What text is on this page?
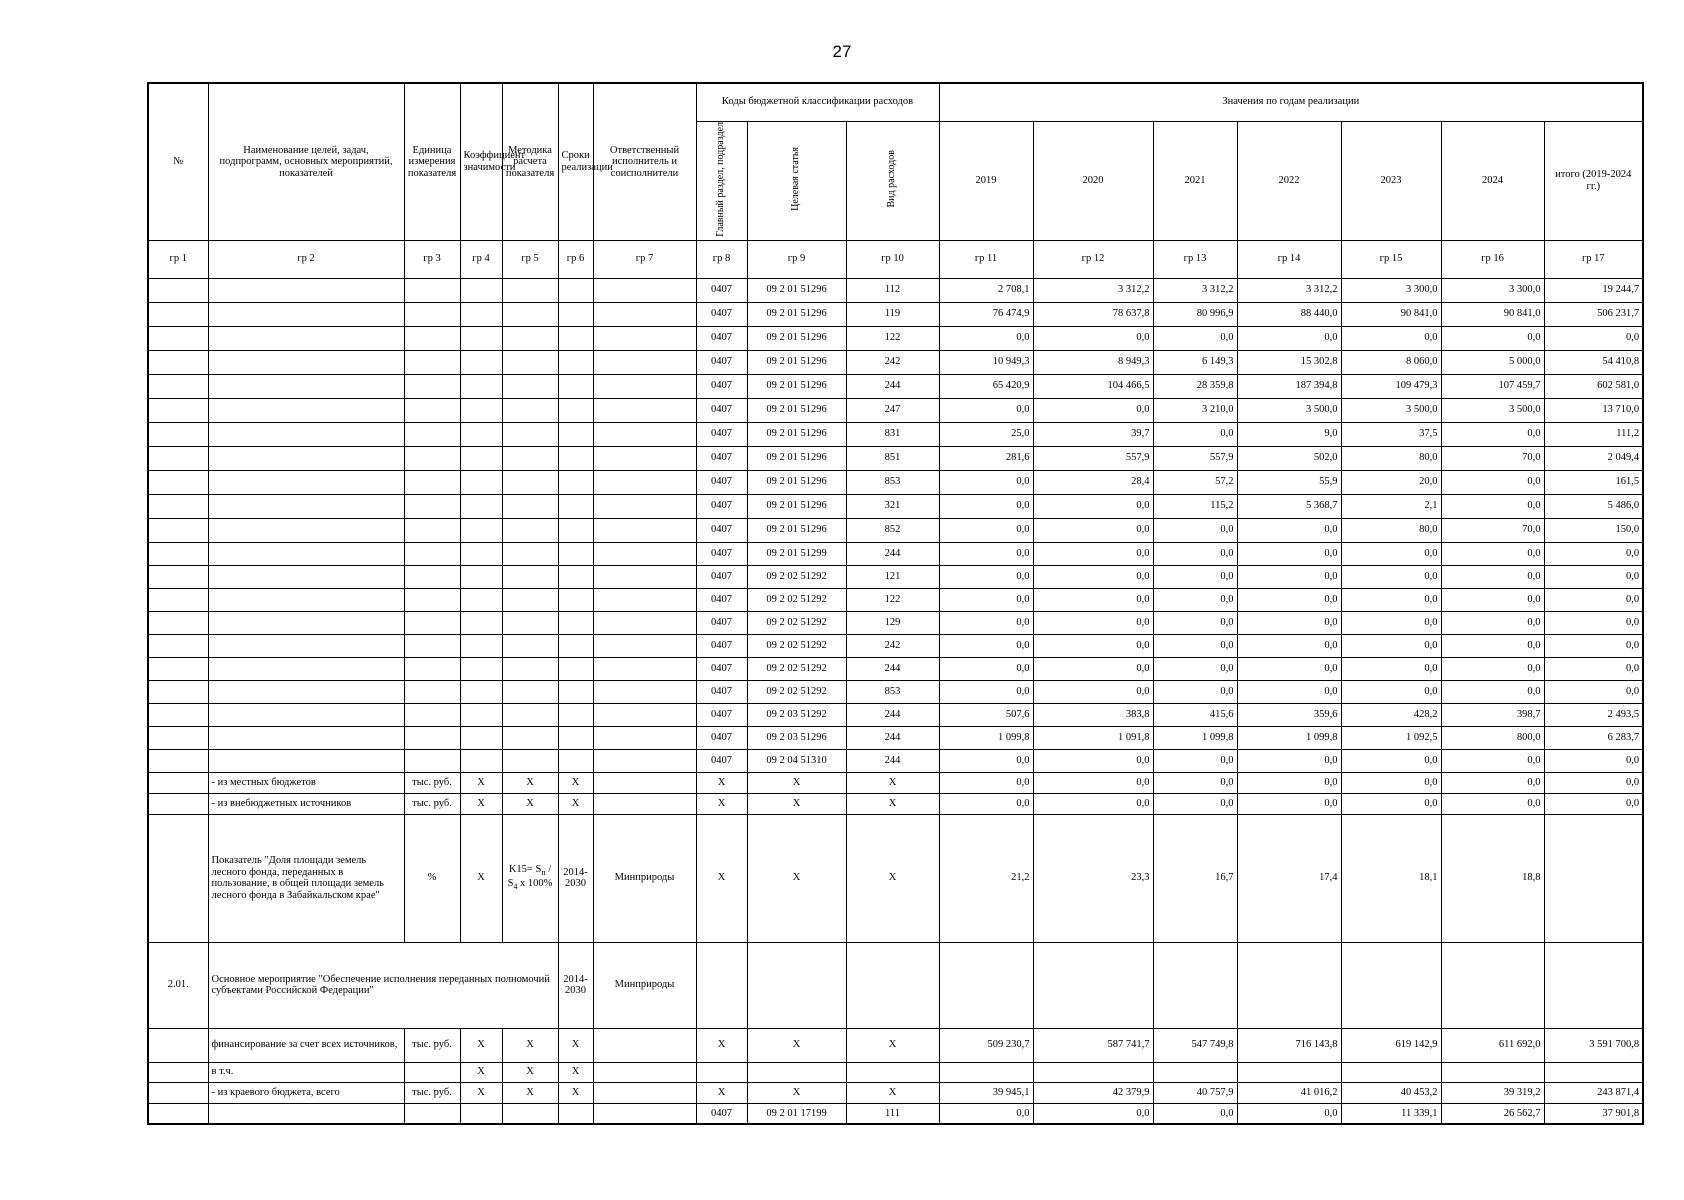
27
№	Наименование целей, задач, подпрограмм, основных мероприятий, показателей	Единица измерения показателя	Коэффициент значимости	Методика расчета показателя	Сроки реализации	Ответственный исполнитель и соисполнители	Коды бюджетной классификации расходов			Значения по годам реализации						
							Главный раздел, подраздел	Целевая статья	Вид расходов	2019	2020	2021	2022	2023	2024	итого (2019-2024 гг.)
гр 1	гр 2	гр 3	гр 4	гр 5	гр 6	гр 7	гр 8	гр 9	гр 10	гр 11	гр 12	гр 13	гр 14	гр 15	гр 16	гр 17
							0407	09 2 01 51296	112	2 708,1	3 312,2	3 312,2	3 312,2	3 300,0	3 300,0	19 244,7
							0407	09 2 01 51296	119	76 474,9	78 637,8	80 996,9	88 440,0	90 841,0	90 841,0	506 231,7
							0407	09 2 01 51296	122	0,0	0,0	0,0	0,0	0,0	0,0	0,0
							0407	09 2 01 51296	242	10 949,3	8 949,3	6 149,3	15 302,8	8 060,0	5 000,0	54 410,8
							0407	09 2 01 51296	244	65 420,9	104 466,5	28 359,8	187 394,8	109 479,3	107 459,7	602 581,0
							0407	09 2 01 51296	247	0,0	0,0	3 210,0	3 500,0	3 500,0	3 500,0	13 710,0
							0407	09 2 01 51296	831	25,0	39,7	0,0	9,0	37,5	0,0	111,2
							0407	09 2 01 51296	851	281,6	557,9	557,9	502,0	80,0	70,0	2 049,4
							0407	09 2 01 51296	853	0,0	28,4	57,2	55,9	20,0	0,0	161,5
							0407	09 2 01 51296	321	0,0	0,0	115,2	5 368,7	2,1	0,0	5 486,0
							0407	09 2 01 51296	852	0,0	0,0	0,0	0,0	80,0	70,0	150,0
							0407	09 2 01 51299	244	0,0	0,0	0,0	0,0	0,0	0,0	0,0
							0407	09 2 02 51292	121	0,0	0,0	0,0	0,0	0,0	0,0	0,0
							0407	09 2 02 51292	122	0,0	0,0	0,0	0,0	0,0	0,0	0,0
							0407	09 2 02 51292	129	0,0	0,0	0,0	0,0	0,0	0,0	0,0
							0407	09 2 02 51292	242	0,0	0,0	0,0	0,0	0,0	0,0	0,0
							0407	09 2 02 51292	244	0,0	0,0	0,0	0,0	0,0	0,0	0,0
							0407	09 2 02 51292	853	0,0	0,0	0,0	0,0	0,0	0,0	0,0
							0407	09 2 03 51292	244	507,6	383,8	415,6	359,6	428,2	398,7	2 493,5
							0407	09 2 03 51296	244	1 099,8	1 091,8	1 099,8	1 099,8	1 092,5	800,0	6 283,7
							0407	09 2 04 51310	244	0,0	0,0	0,0	0,0	0,0	0,0	0,0
	- из местных бюджетов	тыс. руб.	X	X	X		X	X	X	0,0	0,0	0,0	0,0	0,0	0,0	0,0
	- из внебюджетных источников	тыс. руб.	X	X	X		X	X	X	0,0	0,0	0,0	0,0	0,0	0,0	0,0
	Показатель "Доля площади земель лесного фонда, переданных в пользование, в общей площади земель лесного фонда в Забайкальском крае"	%	X	$K15= S_п / S_4$ x 100%	2014-2030	Минприроды	X	X	X	21,2	23,3	16,7	17,4	18,1	18,8	
2.01.	Основное мероприятие "Обеспечение исполнения переданных полномочий субъектами Российской Федерации"				2014-2030	Минприроды										
	финансирование за счет всех источников,	тыс. руб.	X	X	X		X	X	X	509 230,7	587 741,7	547 749,8	716 143,8	619 142,9	611 692,0	3 591 700,8
	в т.ч.		X	X	X											
	- из краевого бюджета, всего	тыс. руб.	X	X	X		X	X	X	39 945,1	42 379,9	40 757,9	41 016,2	40 453,2	39 319,2	243 871,4
							0407	09 2 01 17199	111	0,0	0,0	0,0	0,0	11 339,1	26 562,7	37 901,8
